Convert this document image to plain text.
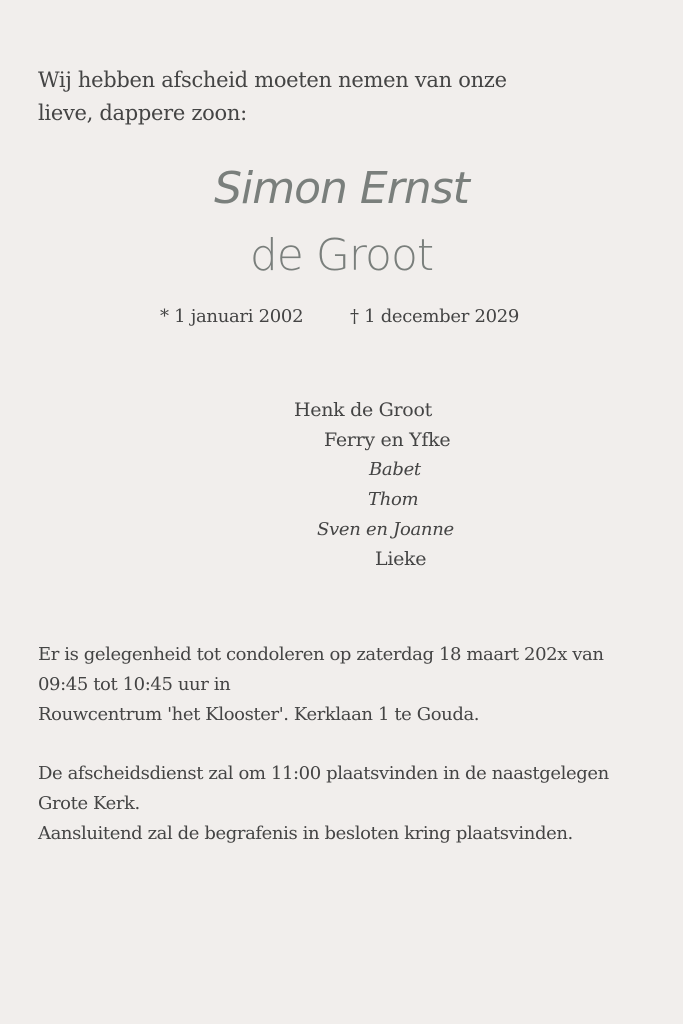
Wij hebben afscheid moeten nemen van onze
lieve, dappere zoon:
Simon Ernst
de Groot
* 1 januari 2002	† 1 december 2029
Henk de Groot
Ferry en Yfke
Babet
Thom
Sven en Joanne
Lieke
Er is gelegenheid tot condoleren op zaterdag 18 maart 202x van
09:45 tot 10:45 uur in
Rouwcentrum 'het Klooster'. Kerklaan 1 te Gouda.
De afscheidsdienst zal om 11:00 plaatsvinden in de naastgelegen
Grote Kerk.
Aansluitend zal de begrafenis in besloten kring plaatsvinden.
